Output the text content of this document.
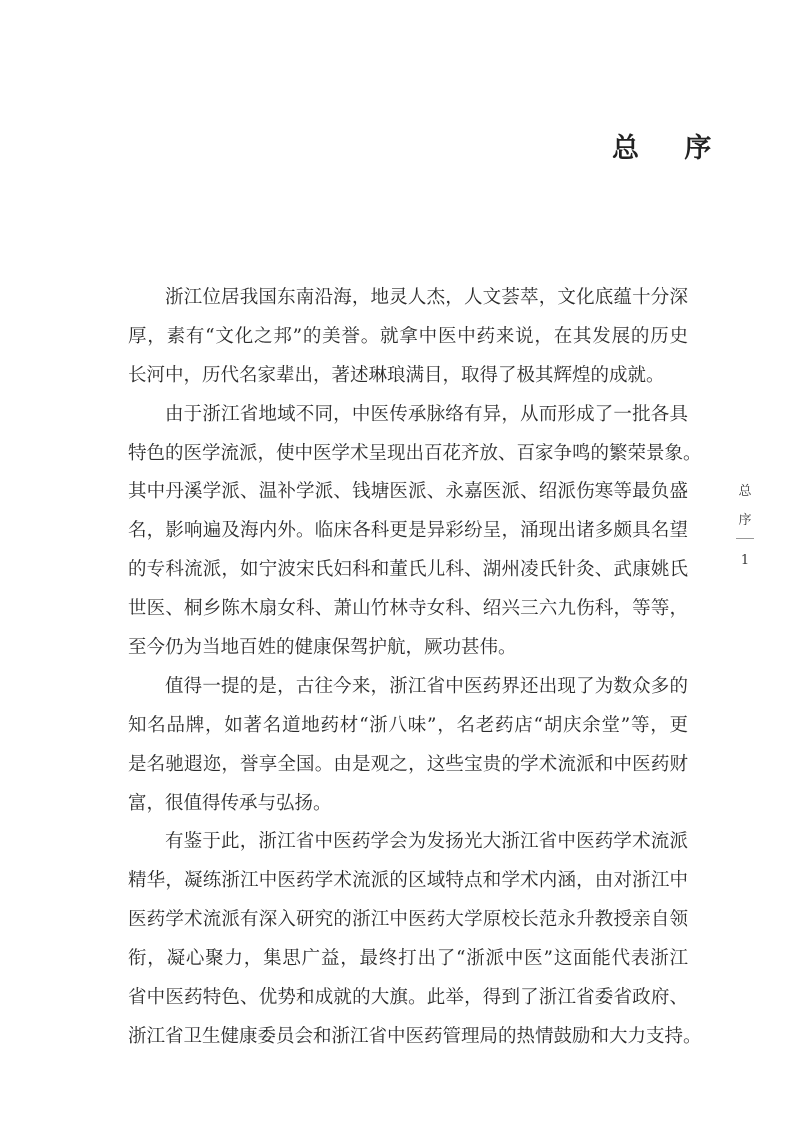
总 序
浙江位居我国东南沿海，地灵人杰，人文荟萃，文化底蕴十分深
厚，素有“文化之邦”的美誉。就拿中医中药来说，在其发展的历史
长河中，历代名家辈出，著述琳琅满目，取得了极其辉煌的成就。
由于浙江省地域不同，中医传承脉络有异，从而形成了一批各具
特色的医学流派，使中医学术呈现出百花齐放、百家争鸣的繁荣景象。
其中丹溪学派、温补学派、钱塘医派、永嘉医派、绍派伤寒等最负盛
名，影响遍及海内外。临床各科更是异彩纷呈，涌现出诸多颇具名望
的专科流派，如宁波宋氏妇科和董氏儿科、湖州凌氏针灸、武康姚氏
世医、桐乡陈木扇女科、萧山竹林寺女科、绍兴三六九伤科，等等，
至今仍为当地百姓的健康保驾护航，厥功甚伟。
值得一提的是，古往今来，浙江省中医药界还出现了为数众多的
知名品牌，如著名道地药材“浙八味”，名老药店“胡庆余堂”等，更
是名驰遐迩，誉享全国。由是观之，这些宝贵的学术流派和中医药财
富，很值得传承与弘扬。
有鉴于此，浙江省中医药学会为发扬光大浙江省中医药学术流派
精华，凝练浙江中医药学术流派的区域特点和学术内涵，由对浙江中
医药学术流派有深入研究的浙江中医药大学原校长范永升教授亲自领
衔，凝心聚力，集思广益，最终打出了“浙派中医”这面能代表浙江
省中医药特色、优势和成就的大旗。此举，得到了浙江省委省政府、
浙江省卫生健康委员会和浙江省中医药管理局的热情鼓励和大力支持。
总
序
1
